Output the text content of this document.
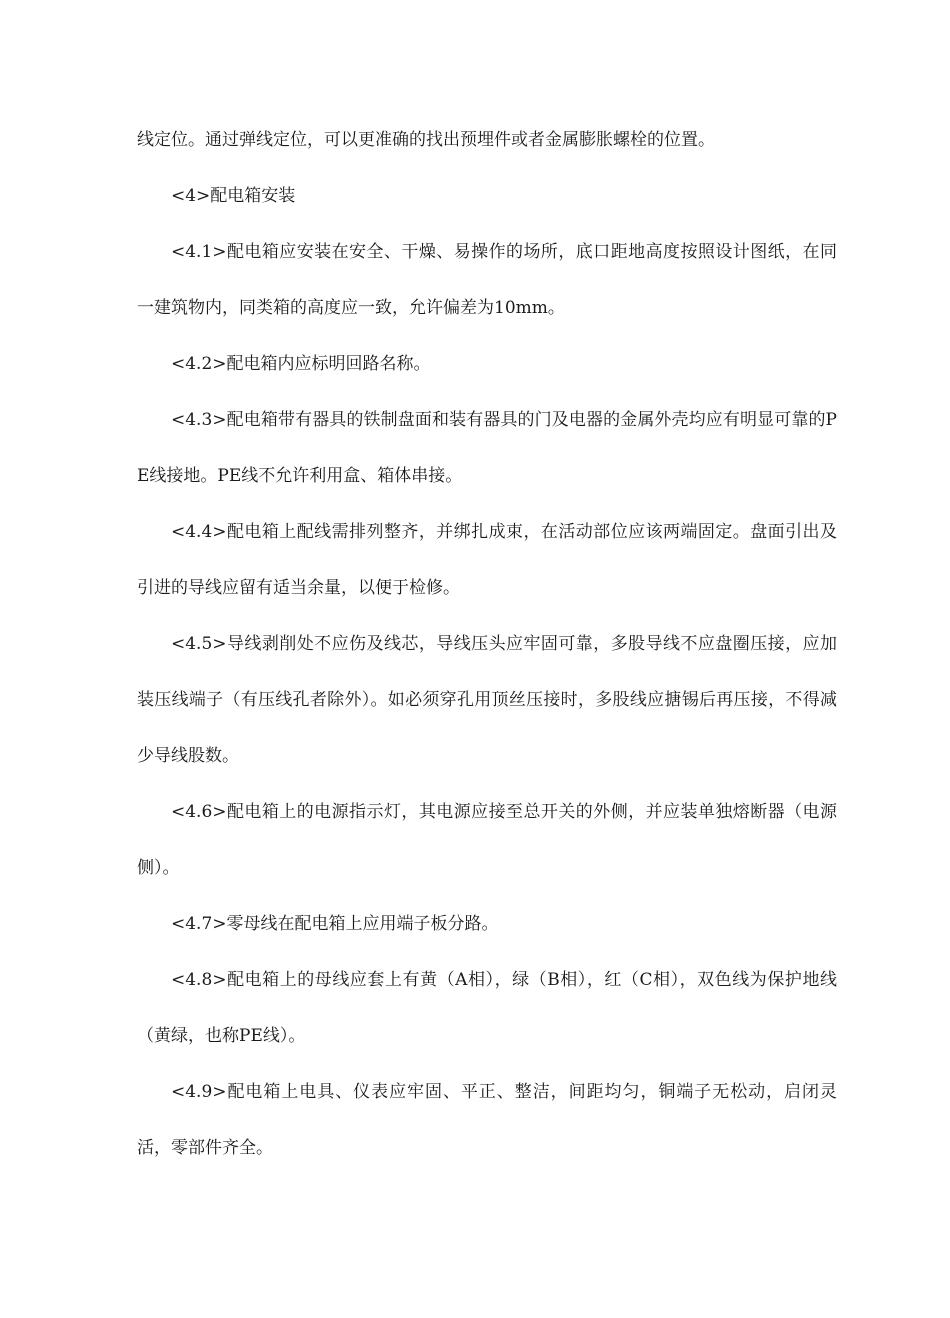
线定位。通过弹线定位，可以更准确的找出预埋件或者金属膨胀螺栓的位置。

<4>配电箱安装

<4.1>配电箱应安装在安全、干燥、易操作的场所，底口距地高度按照设计图纸，在同一建筑物内，同类箱的高度应一致，允许偏差为10mm。

<4.2>配电箱内应标明回路名称。

<4.3>配电箱带有器具的铁制盘面和装有器具的门及电器的金属外壳均应有明显可靠的PE线接地。PE线不允许利用盒、箱体串接。

<4.4>配电箱上配线需排列整齐，并绑扎成束，在活动部位应该两端固定。盘面引出及引进的导线应留有适当余量，以便于检修。

<4.5>导线剥削处不应伤及线芯，导线压头应牢固可靠，多股导线不应盘圈压接，应加装压线端子（有压线孔者除外）。如必须穿孔用顶丝压接时，多股线应搪锡后再压接，不得减少导线股数。

<4.6>配电箱上的电源指示灯，其电源应接至总开关的外侧，并应装单独熔断器（电源侧）。

<4.7>零母线在配电箱上应用端子板分路。

<4.8>配电箱上的母线应套上有黄（A相），绿（B相），红（C相），双色线为保护地线（黄绿，也称PE线）。

<4.9>配电箱上电具、仪表应牢固、平正、整洁，间距均匀，铜端子无松动，启闭灵活，零部件齐全。
